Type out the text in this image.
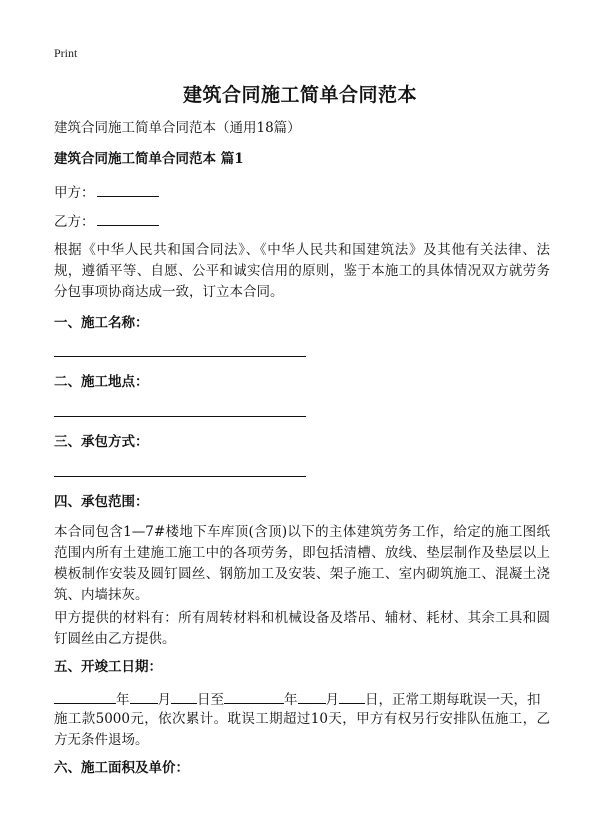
Print
建筑合同施工简单合同范本
建筑合同施工简单合同范本（通用18篇）
建筑合同施工简单合同范本 篇1
甲方：
乙方：
根据《中华人民共和国合同法》、《中华人民共和国建筑法》及其他有关法律、法规，遵循平等、自愿、公平和诚实信用的原则，鉴于本施工的具体情况双方就劳务分包事项协商达成一致，订立本合同。
一、施工名称：
二、施工地点：
三、承包方式：
四、承包范围：
本合同包含1—7#楼地下车库顶(含顶)以下的主体建筑劳务工作，给定的施工图纸范围内所有土建施工施工中的各项劳务，即包括清槽、放线、垫层制作及垫层以上模板制作安装及圆钉圆丝、钢筋加工及安装、架子施工、室内砌筑施工、混凝土浇筑、内墙抹灰。
甲方提供的材料有：所有周转材料和机械设备及塔吊、辅材、耗材、其余工具和圆钉圆丝由乙方提供。
五、开竣工日期：
年 月 日至	年 月 日，正常工期每耽误一天，扣
施工款5000元，依次累计。耽误工期超过10天，甲方有权另行安排队伍施工，乙方无条件退场。
六、施工面积及单价：
